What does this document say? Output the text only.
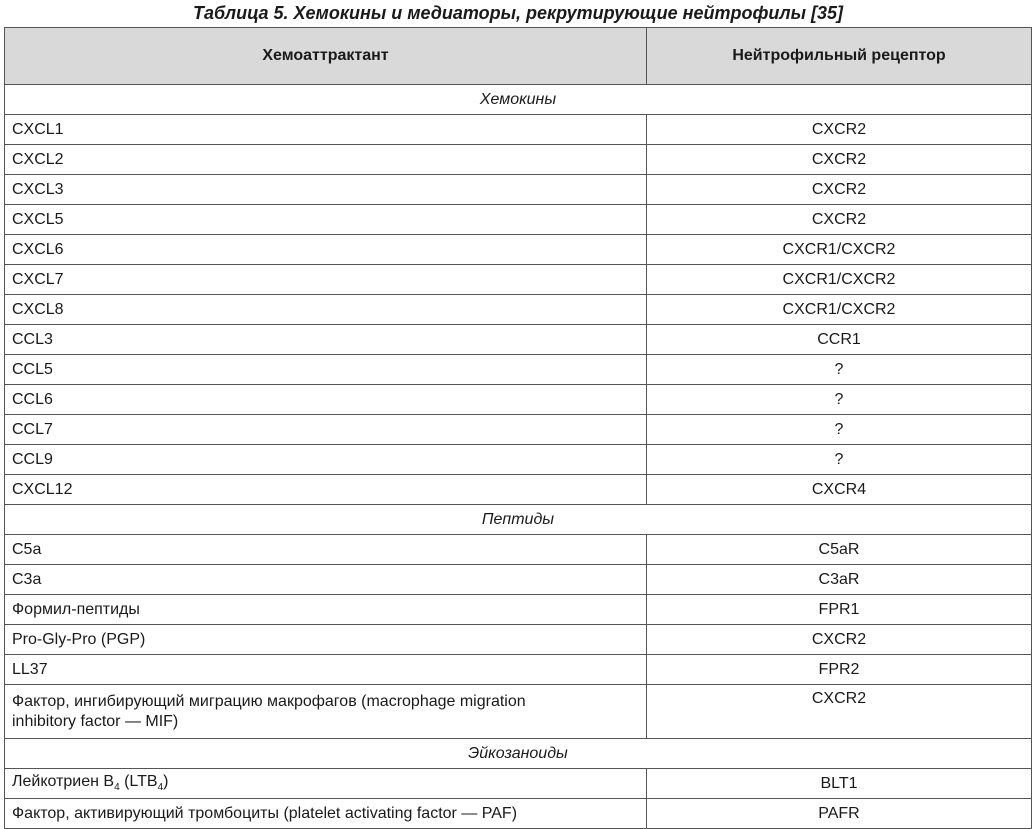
Таблица 5. Хемокины и медиаторы, рекрутирующие нейтрофилы [35]
Хемоаттрактант	Нейтрофильный рецептор
Хемокины	
CXCL1	CXCR2
CXCL2	CXCR2
CXCL3	CXCR2
CXCL5	CXCR2
CXCL6	CXCR1/CXCR2
CXCL7	CXCR1/CXCR2
CXCL8	CXCR1/CXCR2
CCL3	CCR1
CCL5	?
CCL6	?
CCL7	?
CCL9	?
CXCL12	CXCR4
Пептиды	
C5a	C5aR
C3a	C3aR
Формил-пептиды	FPR1
Pro-Gly-Pro (PGP)	CXCR2
LL37	FPR2
Фактор, ингибирующий миграцию макрофагов (macrophage migration
inhibitory factor — MIF)	CXCR2
Эйкозаноиды	
Лейкотриен $B_4$ $(LTB_4)$	BLT1
Фактор, активирующий тромбоциты (platelet activating factor — PAF)	PAFR
